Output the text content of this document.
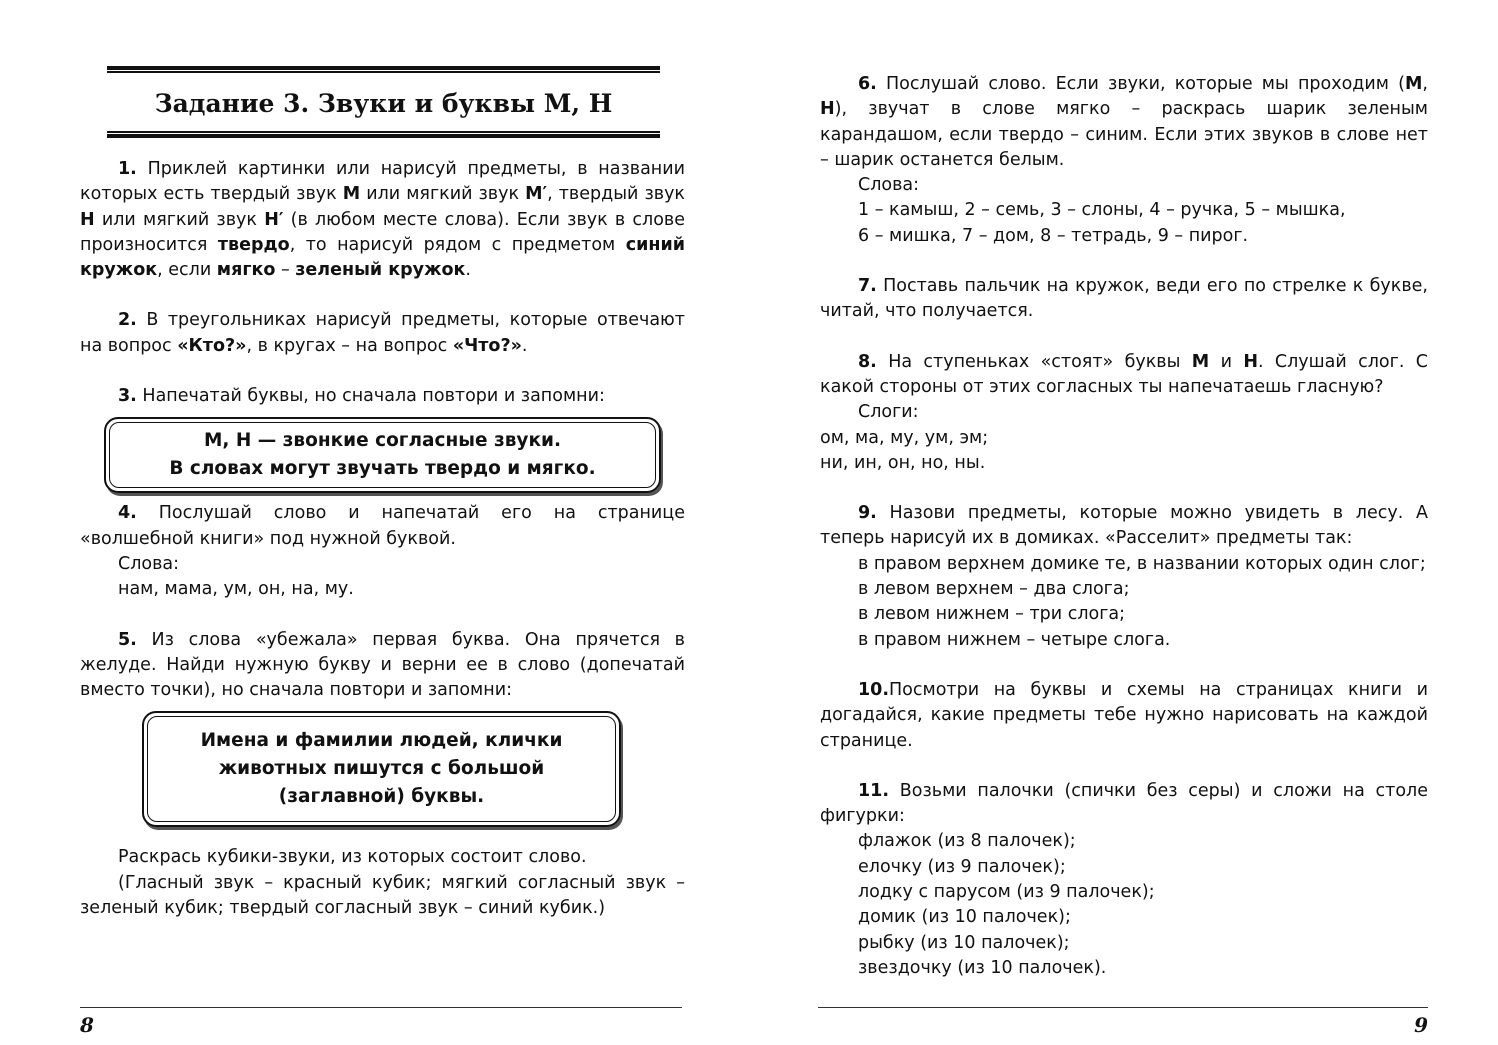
Задание 3. Звуки и буквы М, Н

1. Приклей картинки или нарисуй предметы, в названии которых есть твердый звук М или мягкий звук М′, твердый звук Н или мягкий звук Н′ (в любом месте слова). Если звук в слове произносится твердо, то нарисуй рядом с предметом синий кружок, если мягко – зеленый кружок.

2. В треугольниках нарисуй предметы, которые отвечают на вопрос «Кто?», в кругах – на вопрос «Что?».

3. Напечатай буквы, но сначала повтори и запомни:

М, Н — звонкие согласные звуки.
В словах могут звучать твердо и мягко.

4. Послушай слово и напечатай его на странице «волшебной книги» под нужной буквой.

Слова:

нам, мама, ум, он, на, му.

5. Из слова «убежала» первая буква. Она прячется в желуде. Найди нужную букву и верни ее в слово (допечатай вместо точки), но сначала повтори и запомни:

Имена и фамилии людей, клички
животных пишутся с большой
(заглавной) буквы.

Раскрась кубики-звуки, из которых состоит слово.

(Гласный звук – красный кубик; мягкий согласный звук – зеленый кубик; твердый согласный звук – синий кубик.)

8

6. Послушай слово. Если звуки, которые мы проходим (М, Н), звучат в слове мягко – раскрась шарик зеленым карандашом, если твердо – синим. Если этих звуков в слове нет – шарик останется белым.

Слова:

1 – камыш, 2 – семь, 3 – слоны, 4 – ручка, 5 – мышка,

6 – мишка, 7 – дом, 8 – тетрадь, 9 – пирог.

7. Поставь пальчик на кружок, веди его по стрелке к букве, читай, что получается.

8. На ступеньках «стоят» буквы М и Н. Слушай слог. С какой стороны от этих согласных ты напечатаешь гласную?

Слоги:

ом, ма, му, ум, эм;

ни, ин, он, но, ны.

9. Назови предметы, которые можно увидеть в лесу. А теперь нарисуй их в домиках. «Расселит» предметы так:

в правом верхнем домике те, в названии которых один слог;

в левом верхнем – два слога;

в левом нижнем – три слога;

в правом нижнем – четыре слога.

10.Посмотри на буквы и схемы на страницах книги и догадайся, какие предметы тебе нужно нарисовать на каждой странице.

11. Возьми палочки (спички без серы) и сложи на столе фигурки:

флажок (из 8 палочек);

елочку (из 9 палочек);

лодку с парусом (из 9 палочек);

домик (из 10 палочек);

рыбку (из 10 палочек);

звездочку (из 10 палочек).

9
